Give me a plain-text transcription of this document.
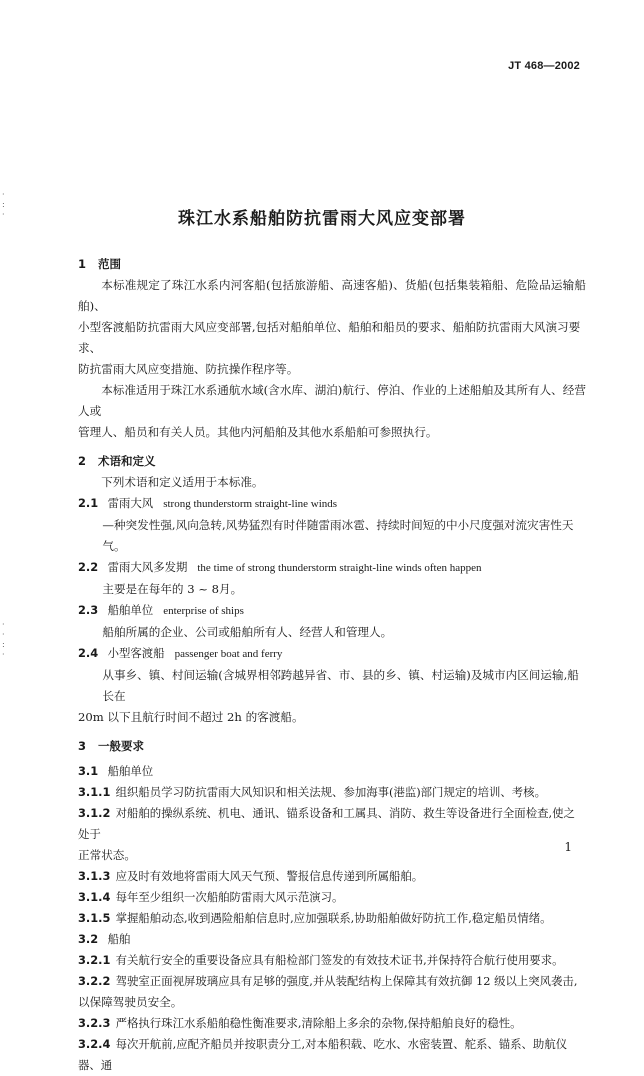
JT 468—2002
珠江水系船舶防抗雷雨大风应变部署
1 范围
本标准规定了珠江水系内河客船(包括旅游船、高速客船)、货船(包括集装箱船、危险品运输船舶)、
小型客渡船防抗雷雨大风应变部署,包括对船舶单位、船舶和船员的要求、船舶防抗雷雨大风演习要求、
防抗雷雨大风应变措施、防抗操作程序等。
本标准适用于珠江水系通航水域(含水库、湖泊)航行、停泊、作业的上述船舶及其所有人、经营人或
管理人、船员和有关人员。其他内河船舶及其他水系船舶可参照执行。
2 术语和定义
下列术语和定义适用于本标准。
2.1 雷雨大风 strong thunderstorm straight-line winds
—种突发性强,风向急转,风势猛烈有时伴随雷雨冰雹、持续时间短的中小尺度强对流灾害性天气。
2.2 雷雨大风多发期 the time of strong thunderstorm straight-line winds often happen
主要是在每年的 3 ~ 8月。
2.3 船舶单位 enterprise of ships
船舶所属的企业、公司或船舶所有人、经营人和管理人。
2.4 小型客渡船 passenger boat and ferry
从事乡、镇、村间运输(含城界相邻跨越异省、市、县的乡、镇、村运输)及城市内区间运输,船长在
20m 以下且航行时间不超过 2h 的客渡船。
3 一般要求
3.1 船舶单位
3.1.1 组织船员学习防抗雷雨大风知识和相关法规、参加海事(港监)部门规定的培训、考核。
3.1.2 对船舶的操纵系统、机电、通讯、锚系设备和工属具、消防、救生等设备进行全面检查,使之处于
正常状态。
3.1.3 应及时有效地将雷雨大风天气预、警报信息传递到所属船舶。
3.1.4 每年至少组织一次船舶防雷雨大风示范演习。
3.1.5 掌握船舶动态,收到遇险船舶信息时,应加强联系,协助船舶做好防抗工作,稳定船员情绪。
3.2 船舶
3.2.1 有关航行安全的重要设备应具有船检部门签发的有效技术证书,并保持符合航行使用要求。
3.2.2 驾驶室正面视屏玻璃应具有足够的强度,并从装配结构上保障其有效抗御 12 级以上突风袭击,
以保障驾驶员安全。
3.2.3 严格执行珠江水系船舶稳性衡准要求,清除船上多余的杂物,保持船舶良好的稳性。
3.2.4 每次开航前,应配齐船员并按职责分工,对本船积载、吃水、水密装置、舵系、锚系、助航仪器、通
1
·
:
·
·
·
:
·
